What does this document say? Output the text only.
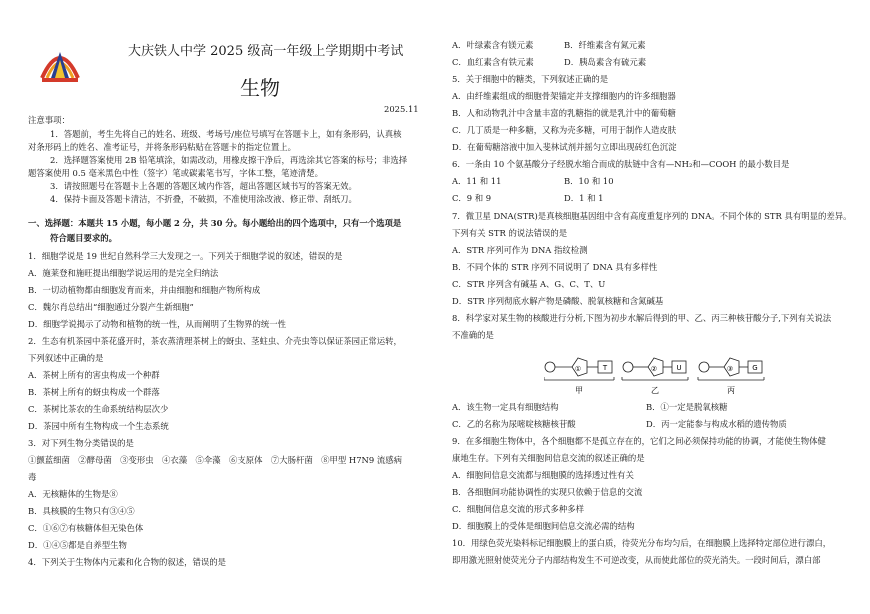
大庆铁人中学 2025 级高一年级上学期期中考试
生物
2025.11
注意事项：
1．答题前，考生先将自己的姓名、班级、考场号/座位号填写在答题卡上，如有条形码，认真核
对条形码上的姓名、准考证号，并将条形码粘贴在答题卡的指定位置上。
2．选择题答案使用 2B 铅笔填涂，如需改动，用橡皮擦干净后，再选涂其它答案的标号；非选择
题答案使用 0.5 毫米黑色中性（签字）笔或碳素笔书写，字体工整，笔迹清楚。
3．请按照题号在答题卡上各题的答题区域内作答，超出答题区域书写的答案无效。
4．保持卡面及答题卡清洁，不折叠，不破损，不准使用涂改液、修正带、刮纸刀。
一、选择题：本题共 15 小题，每小题 2 分，共 30 分。每小题给出的四个选项中，只有一个选项是
符合题目要求的。
1．细胞学说是 19 世纪自然科学三大发现之一。下列关于细胞学说的叙述，错误的是
A．施莱登和施旺提出细胞学说运用的是完全归纳法
B．一切动植物都由细胞发育而来，并由细胞和细胞产物所构成
C．魏尔肖总结出“细胞通过分裂产生新细胞”
D．细胞学说揭示了动物和植物的统一性，从而阐明了生物界的统一性
2．生态有机茶园中茶花盛开时，茶农蒸清理茶树上的蚜虫、茎蛀虫、介壳虫等以保证茶园正常运转，
下列叙述中正确的是
A．茶树上所有的害虫构成一个种群
B．茶树上所有的蚜虫构成一个群落
C．茶树比茶农的生命系统结构层次少
D．茶园中所有生物构成一个生态系统
3．对下列生物分类错误的是
①颤蓝细菌　②酵母菌　③变形虫　④衣藻　⑤伞藻　⑥支原体　⑦大肠杆菌　⑧甲型 H7N9 流感病
毒
A．无核糖体的生物是⑧
B．具核膜的生物只有③④⑤
C．①⑥⑦有核糖体但无染色体
D．①④⑤都是自养型生物
4．下列关于生物体内元素和化合物的叙述，错误的是
A．叶绿素含有镁元素	B．纤维素含有氮元素
C．血红素含有铁元素	D．胰岛素含有硫元素
5．关于细胞中的糖类，下列叙述正确的是
A．由纤维素组成的细胞骨架锚定并支撑细胞内的许多细胞器
B．人和动物乳汁中含量丰富的乳糖指的就是乳汁中的葡萄糖
C．几丁质是一种多糖，又称为壳多糖，可用于制作人造皮肤
D．在葡萄糖溶液中加入斐林试剂并摇匀立即出现砖红色沉淀
6．一条由 10 个氨基酸分子经脱水缩合而成的肽链中含有—NH₂和—COOH 的最小数目是
A．11 和 11	B．10 和 10
C．9 和 9	D．1 和 1
7．微卫星 DNA(STR)是真核细胞基因组中含有高度重复序列的 DNA。不同个体的 STR 具有明显的差异。
下列有关 STR 的说法错误的是
A．STR 序列可作为 DNA 指纹检测
B．不同个体的 STR 序列不同说明了 DNA 具有多样性
C．STR 序列含有碱基 A、G、C、T、U
D．STR 序列彻底水解产物是磷酸、脱氧核糖和含氮碱基
8．科学家对某生物的核酸进行分析,下图为初步水解后得到的甲、乙、丙三种核苷酸分子,下列有关说法
不准确的是
T
①	U
②	G
③
甲	乙	丙
A．该生物一定具有细胞结构	B．①一定是脱氧核糖
C．乙的名称为尿嘧啶核糖核苷酸	D．丙一定能参与构成水稻的遗传物质
9．在多细胞生物体中，各个细胞都不是孤立存在的，它们之间必须保持功能的协调，才能使生物体健
康地生存。下列有关细胞间信息交流的叙述正确的是
A．细胞间信息交流都与细胞膜的选择透过性有关
B．各细胞间功能协调性的实现只依赖于信息的交流
C．细胞间信息交流的形式多种多样
D．细胞膜上的受体是细胞间信息交流必需的结构
10．用绿色荧光染料标记细胞膜上的蛋白质，待荧光分布均匀后，在细胞膜上选择特定部位进行漂白，
即用激光照射使荧光分子内部结构发生不可逆改变，从而使此部位的荧光消失。一段时间后，漂白部
